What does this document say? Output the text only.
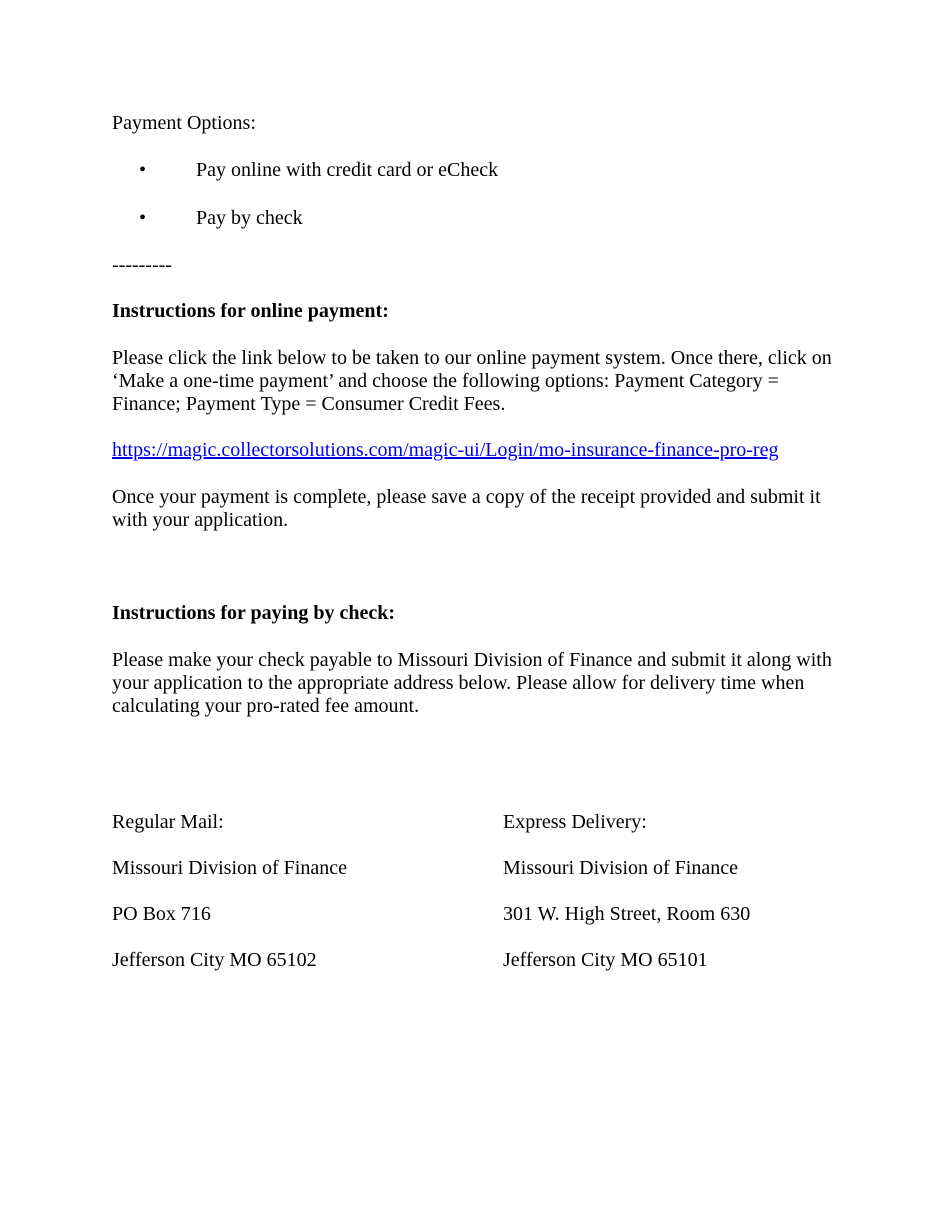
Payment Options:

• Pay online with credit card or eCheck
• Pay by check

---------

Instructions for online payment:

Please click the link below to be taken to our online payment system. Once there, click on ‘Make a one-time payment’ and choose the following options: Payment Category = Finance; Payment Type = Consumer Credit Fees.

https://magic.collectorsolutions.com/magic-ui/Login/mo-insurance-finance-pro-reg

Once your payment is complete, please save a copy of the receipt provided and submit it with your application.

Instructions for paying by check:

Please make your check payable to Missouri Division of Finance and submit it along with your application to the appropriate address below. Please allow for delivery time when calculating your pro-rated fee amount.

Regular Mail:

Missouri Division of Finance

PO Box 716

Jefferson City MO 65102

Express Delivery:

Missouri Division of Finance

301 W. High Street, Room 630

Jefferson City MO 65101
